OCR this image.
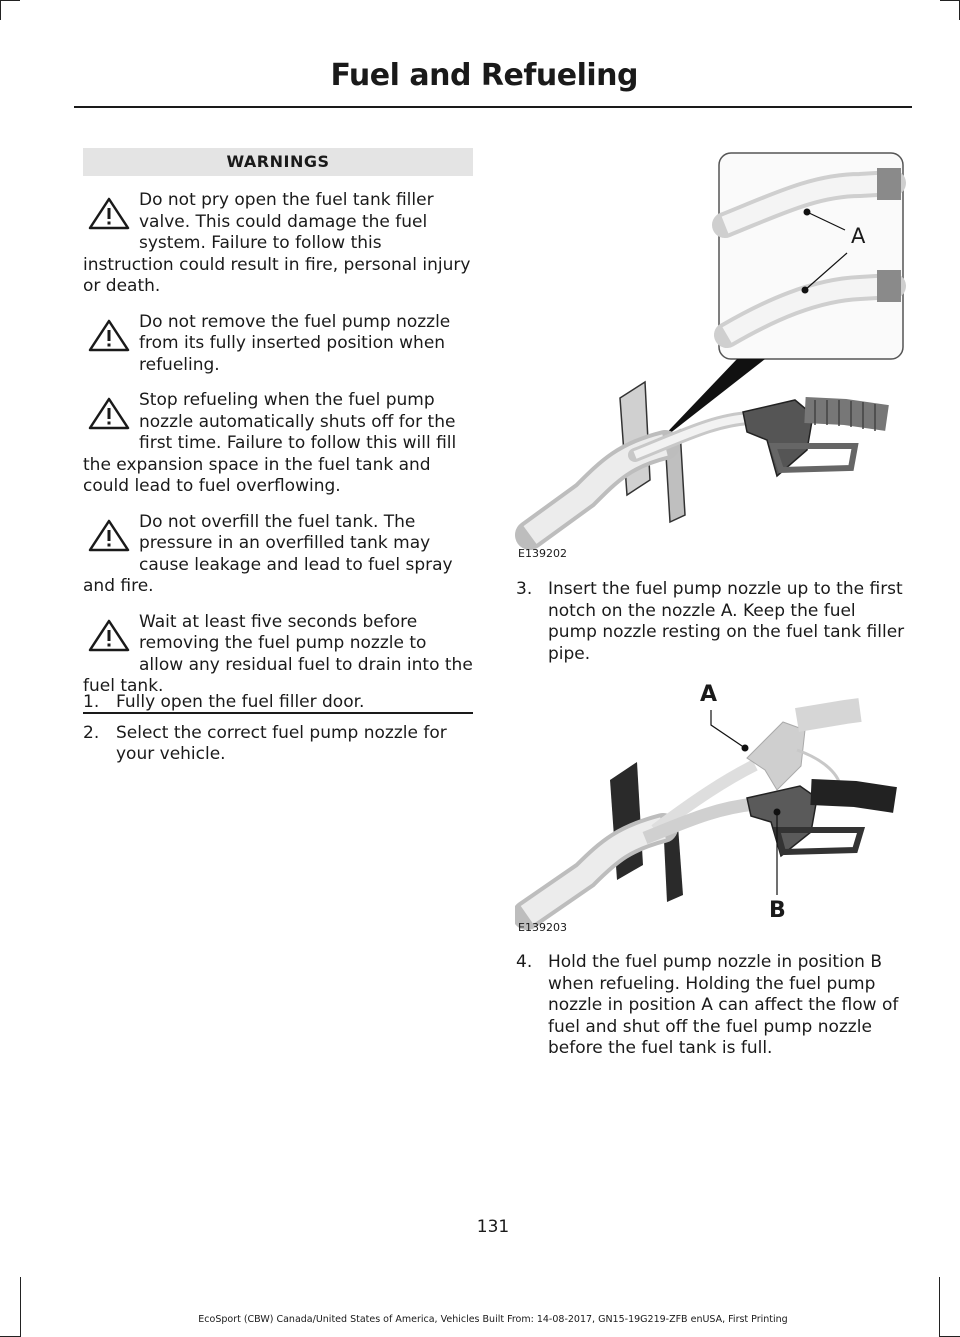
Fuel and Refueling
WARNINGS
Do not pry open the fuel tank filler valve. This could damage the fuel system. Failure to follow this instruction could result in fire, personal injury or death.
Do not remove the fuel pump nozzle from its fully inserted position when refueling.
Stop refueling when the fuel pump nozzle automatically shuts off for the first time. Failure to follow this will fill the expansion space in the fuel tank and could lead to fuel overflowing.
Do not overfill the fuel tank. The pressure in an overfilled tank may cause leakage and lead to fuel spray and fire.
Wait at least five seconds before removing the fuel pump nozzle to allow any residual fuel to drain into the fuel tank.
1. Fully open the fuel filler door.
2. Select the correct fuel pump nozzle for your vehicle.
A
E139202
3. Insert the fuel pump nozzle up to the first notch on the nozzle A. Keep the fuel pump nozzle resting on the fuel tank filler pipe.
A
B
E139203
4. Hold the fuel pump nozzle in position B when refueling. Holding the fuel pump nozzle in position A can affect the flow of fuel and shut off the fuel pump nozzle before the fuel tank is full.
131
EcoSport (CBW) Canada/United States of America, Vehicles Built From: 14-08-2017, GN15-19G219-ZFB enUSA, First Printing
